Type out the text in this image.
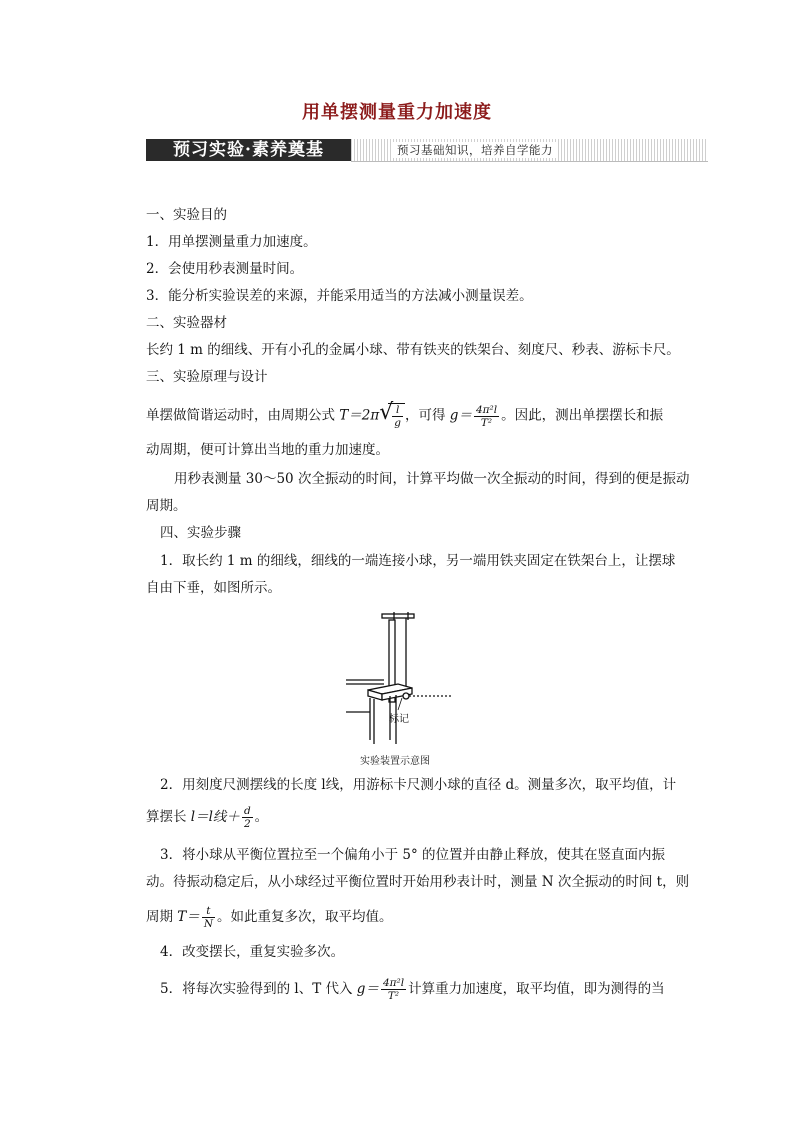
用单摆测量重力加速度
预习实验·素养奠基	预习基础知识，培养自学能力
一、实验目的
1．用单摆测量重力加速度。
2．会使用秒表测量时间。
3．能分析实验误差的来源，并能采用适当的方法减小测量误差。
二、实验器材
长约 1 m 的细线、开有小孔的金属小球、带有铁夹的铁架台、刻度尺、秒表、游标卡尺。
三、实验原理与设计
单摆做简谐运动时，由周期公式 T＝2π √
$\frac{l}{g}$ ，可得 $g= \frac{\text{4π²l}}{\text{T²}}$ 。因此，测出单摆摆长和振
动周期，便可计算出当地的重力加速度。
用秒表测量 30～50 次全振动的时间，计算平均做一次全振动的时间，得到的便是振动
周期。
四、实验步骤
1．取长约 1 m 的细线，细线的一端连接小球，另一端用铁夹固定在铁架台上，让摆球
自由下垂，如图所示。
标记
实验装置示意图
2．用刻度尺测摆线的长度 l线，用游标卡尺测小球的直径 d。测量多次，取平均值，计
算摆长 l＝l线＋ $\frac{d}{2}$ 。
3．将小球从平衡位置拉至一个偏角小于 5° 的位置并由静止释放，使其在竖直面内振
动。待振动稳定后，从小球经过平衡位置时开始用秒表计时，测量 N 次全振动的时间 t，则
周期 $T= \frac{t}{N}$ 。如此重复多次，取平均值。
4．改变摆长，重复实验多次。
5．将每次实验得到的 l、T 代入 $g= \frac{\text{4π²l}}{\text{T²}}$ 计算重力加速度，取平均值，即为测得的当
